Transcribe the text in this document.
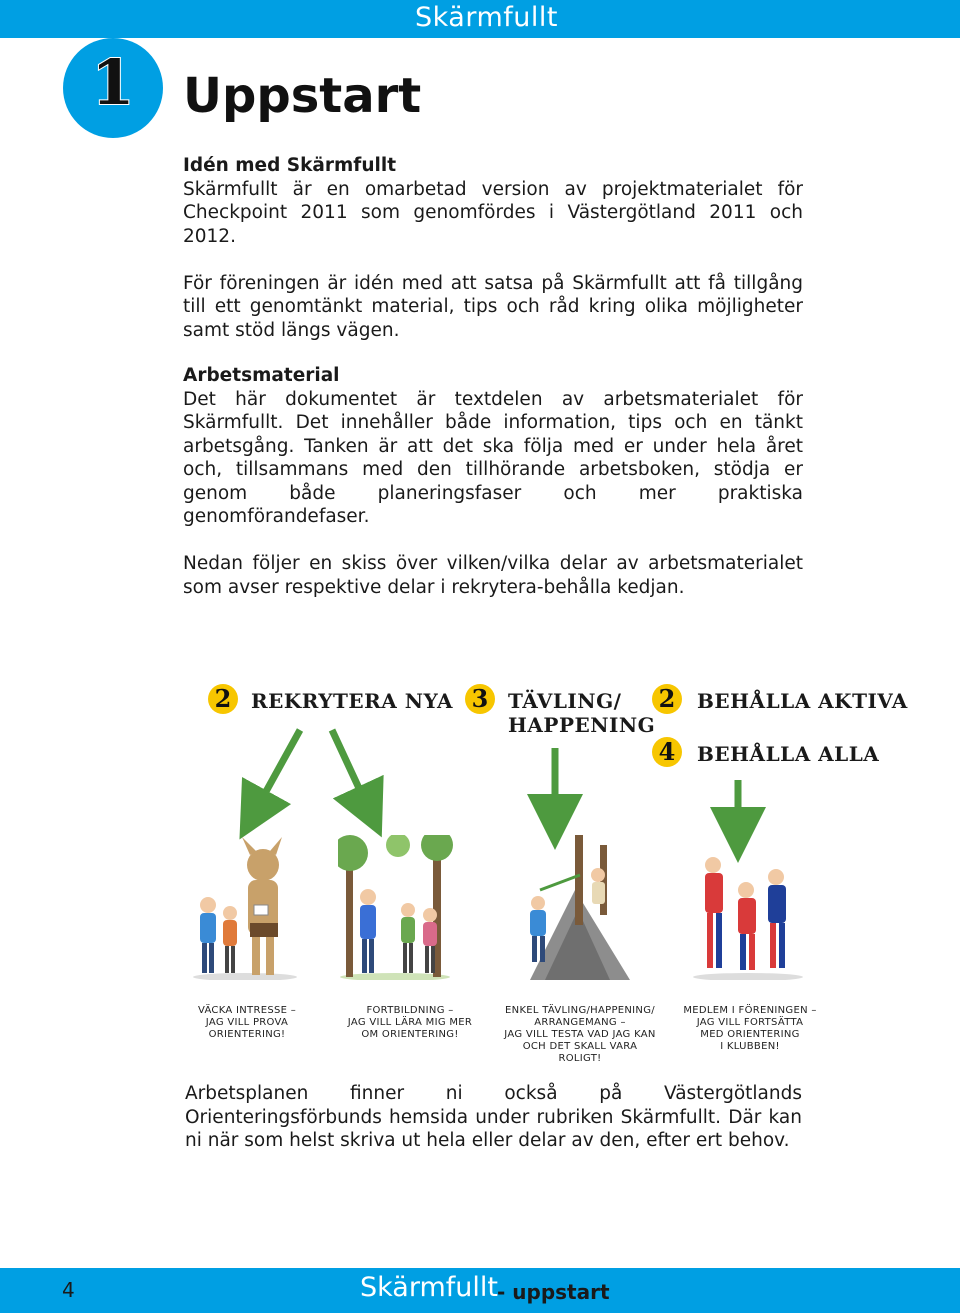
Skärmfullt
1	Uppstart

Idén med Skärmfullt

Skärmfullt är en omarbetad version av projektmaterialet för Checkpoint 2011 som genomfördes i Västergötland 2011 och 2012.

För föreningen är idén med att satsa på Skärmfullt att få tillgång till ett genomtänkt material, tips och råd kring olika möjligheter samt stöd längs vägen.

Arbetsmaterial

Det här dokumentet är textdelen av arbetsmaterialet för Skärmfullt. Det innehåller både information, tips och en tänkt arbetsgång. Tanken är att det ska följa med er under hela året och, tillsammans med den tillhörande arbetsboken, stödja er genom både planeringsfaser och mer praktiska genomförandefaser.

Nedan följer en skiss över vilken/vilka delar av arbetsmaterialet som avser respektive delar i rekrytera-behålla kedjan.

2 REKRYTERA NYA 3 TÄVLING/
HAPPENING
2	BEHÅLLA AKTIVA
4	BEHÅLLA ALLA
VÄCKA INTRESSE –
JAG VILL PROVA
ORIENTERING!
FORTBILDNING –
JAG VILL LÄRA MIG MER
OM ORIENTERING!
ENKEL TÄVLING/HAPPENING/
ARRANGEMANG –
JAG VILL TESTA VAD JAG KAN
OCH DET SKALL VARA ROLIGT!
MEDLEM I FÖRENINGEN –
JAG VILL FORTSÄTTA
MED ORIENTERING
I KLUBBEN!

Arbetsplanen finner ni också på Västergötlands Orienteringsförbunds hemsida under rubriken Skärmfullt. Där kan ni när som helst skriva ut hela eller delar av den, efter ert behov.

4	Skärmfullt - uppstart
